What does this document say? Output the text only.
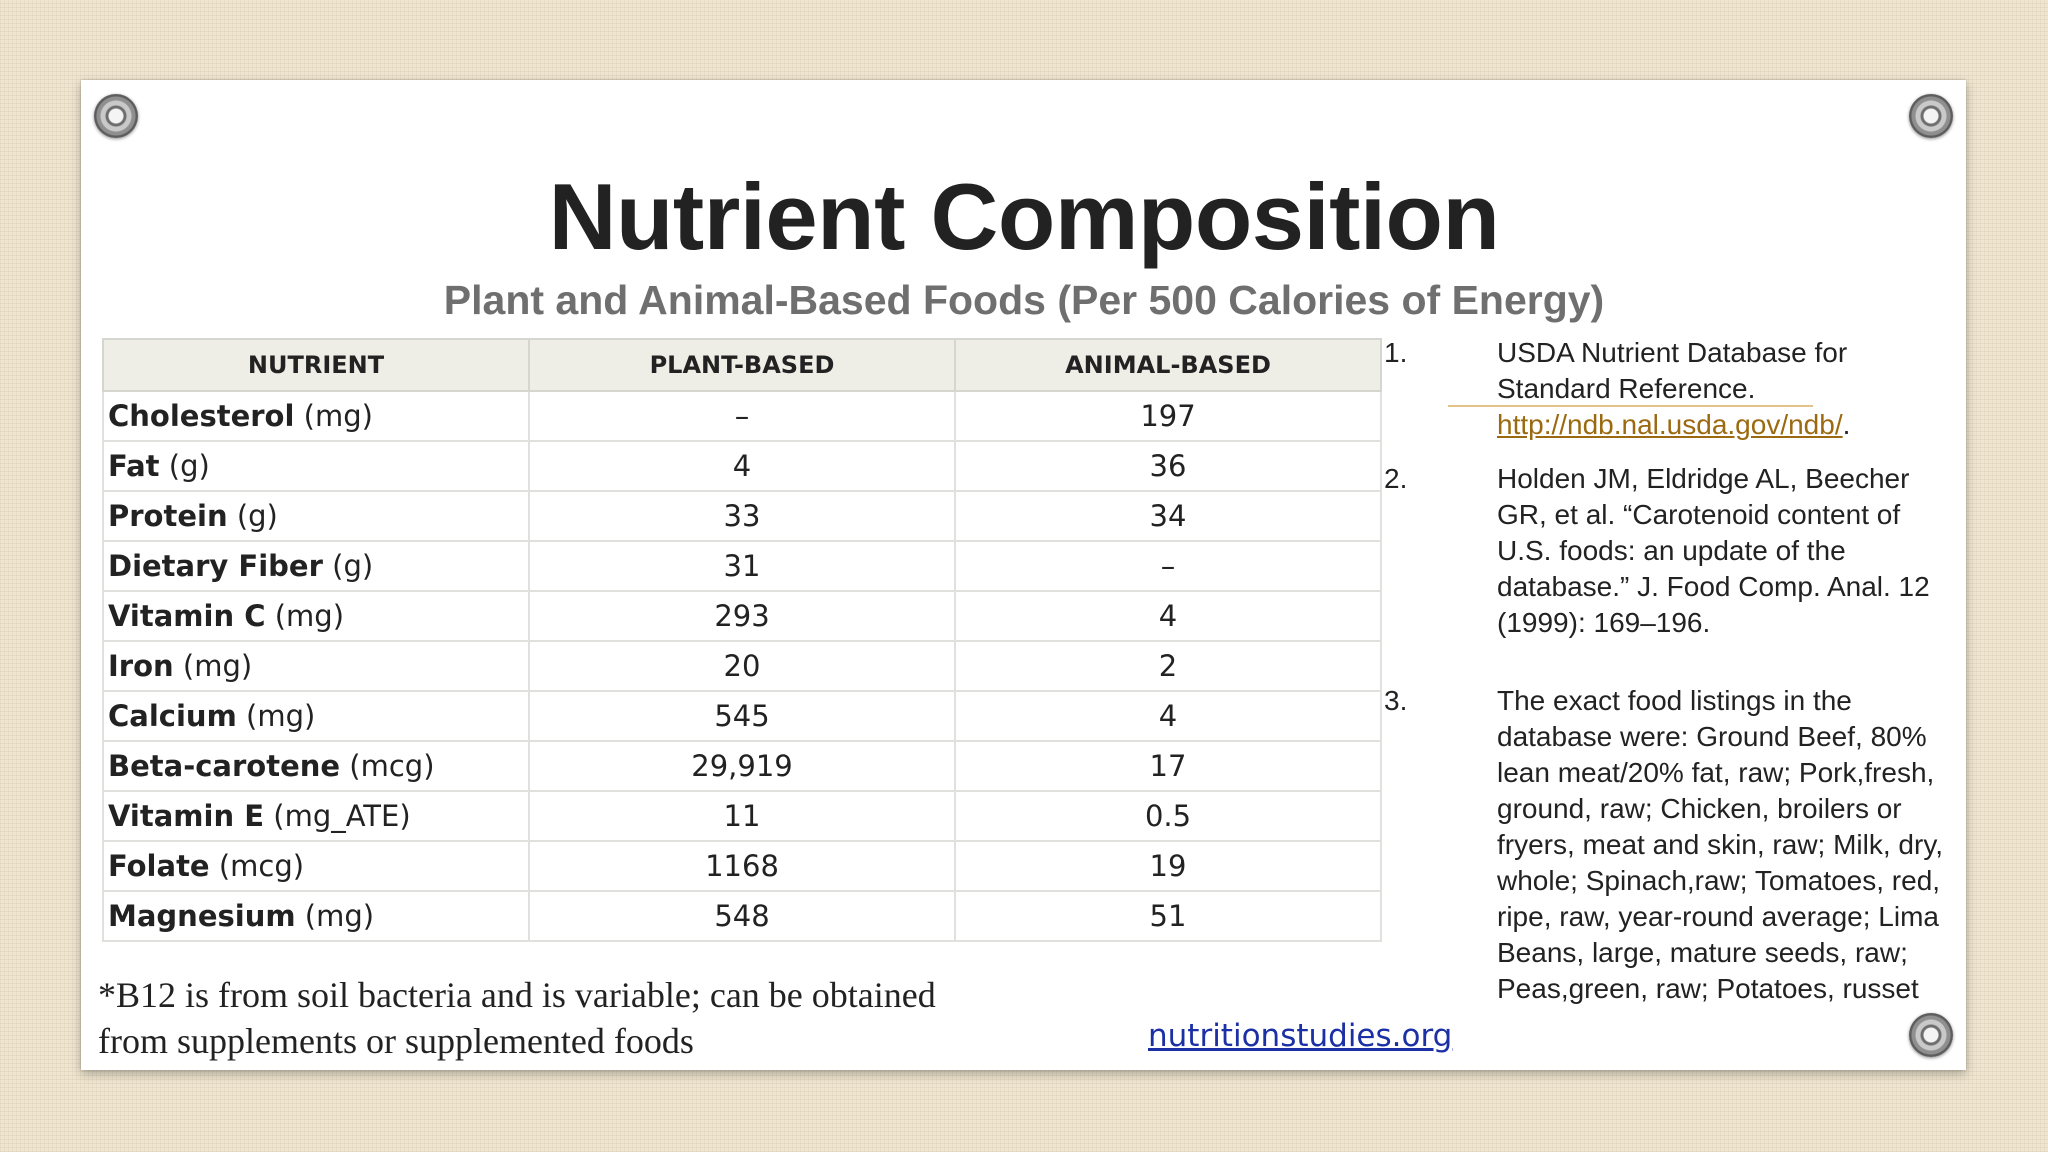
Nutrient Composition
Plant and Animal-Based Foods (Per 500 Calories of Energy)
NUTRIENT	PLANT-BASED	ANIMAL-BASED
Cholesterol (mg)	–	197
Fat (g)	4	36
Protein (g)	33	34
Dietary Fiber (g)	31	–
Vitamin C (mg)	293	4
Iron (mg)	20	2
Calcium (mg)	545	4
Beta-carotene (mcg)	29,919	17
Vitamin E (mg_ATE)	11	0.5
Folate (mcg)	1168	19
Magnesium (mg)	548	51
1.	USDA Nutrient Database for Standard Reference. http://ndb.nal.usda.gov/ndb/.
2.	Holden JM, Eldridge AL, Beecher GR, et al. “Carotenoid content of U.S. foods: an update of the database.” J. Food Comp. Anal. 12 (1999): 169–196.
3.	The exact food listings in the database were: Ground Beef, 80% lean meat/20% fat, raw; Pork,fresh, ground, raw; Chicken, broilers or fryers, meat and skin, raw; Milk, dry, whole; Spinach,raw; Tomatoes, red, ripe, raw, year-round average; Lima Beans, large, mature seeds, raw; Peas,green, raw; Potatoes, russet
*B12 is from soil bacteria and is variable; can be obtained
from supplements or supplemented foods	nutritionstudies.org
